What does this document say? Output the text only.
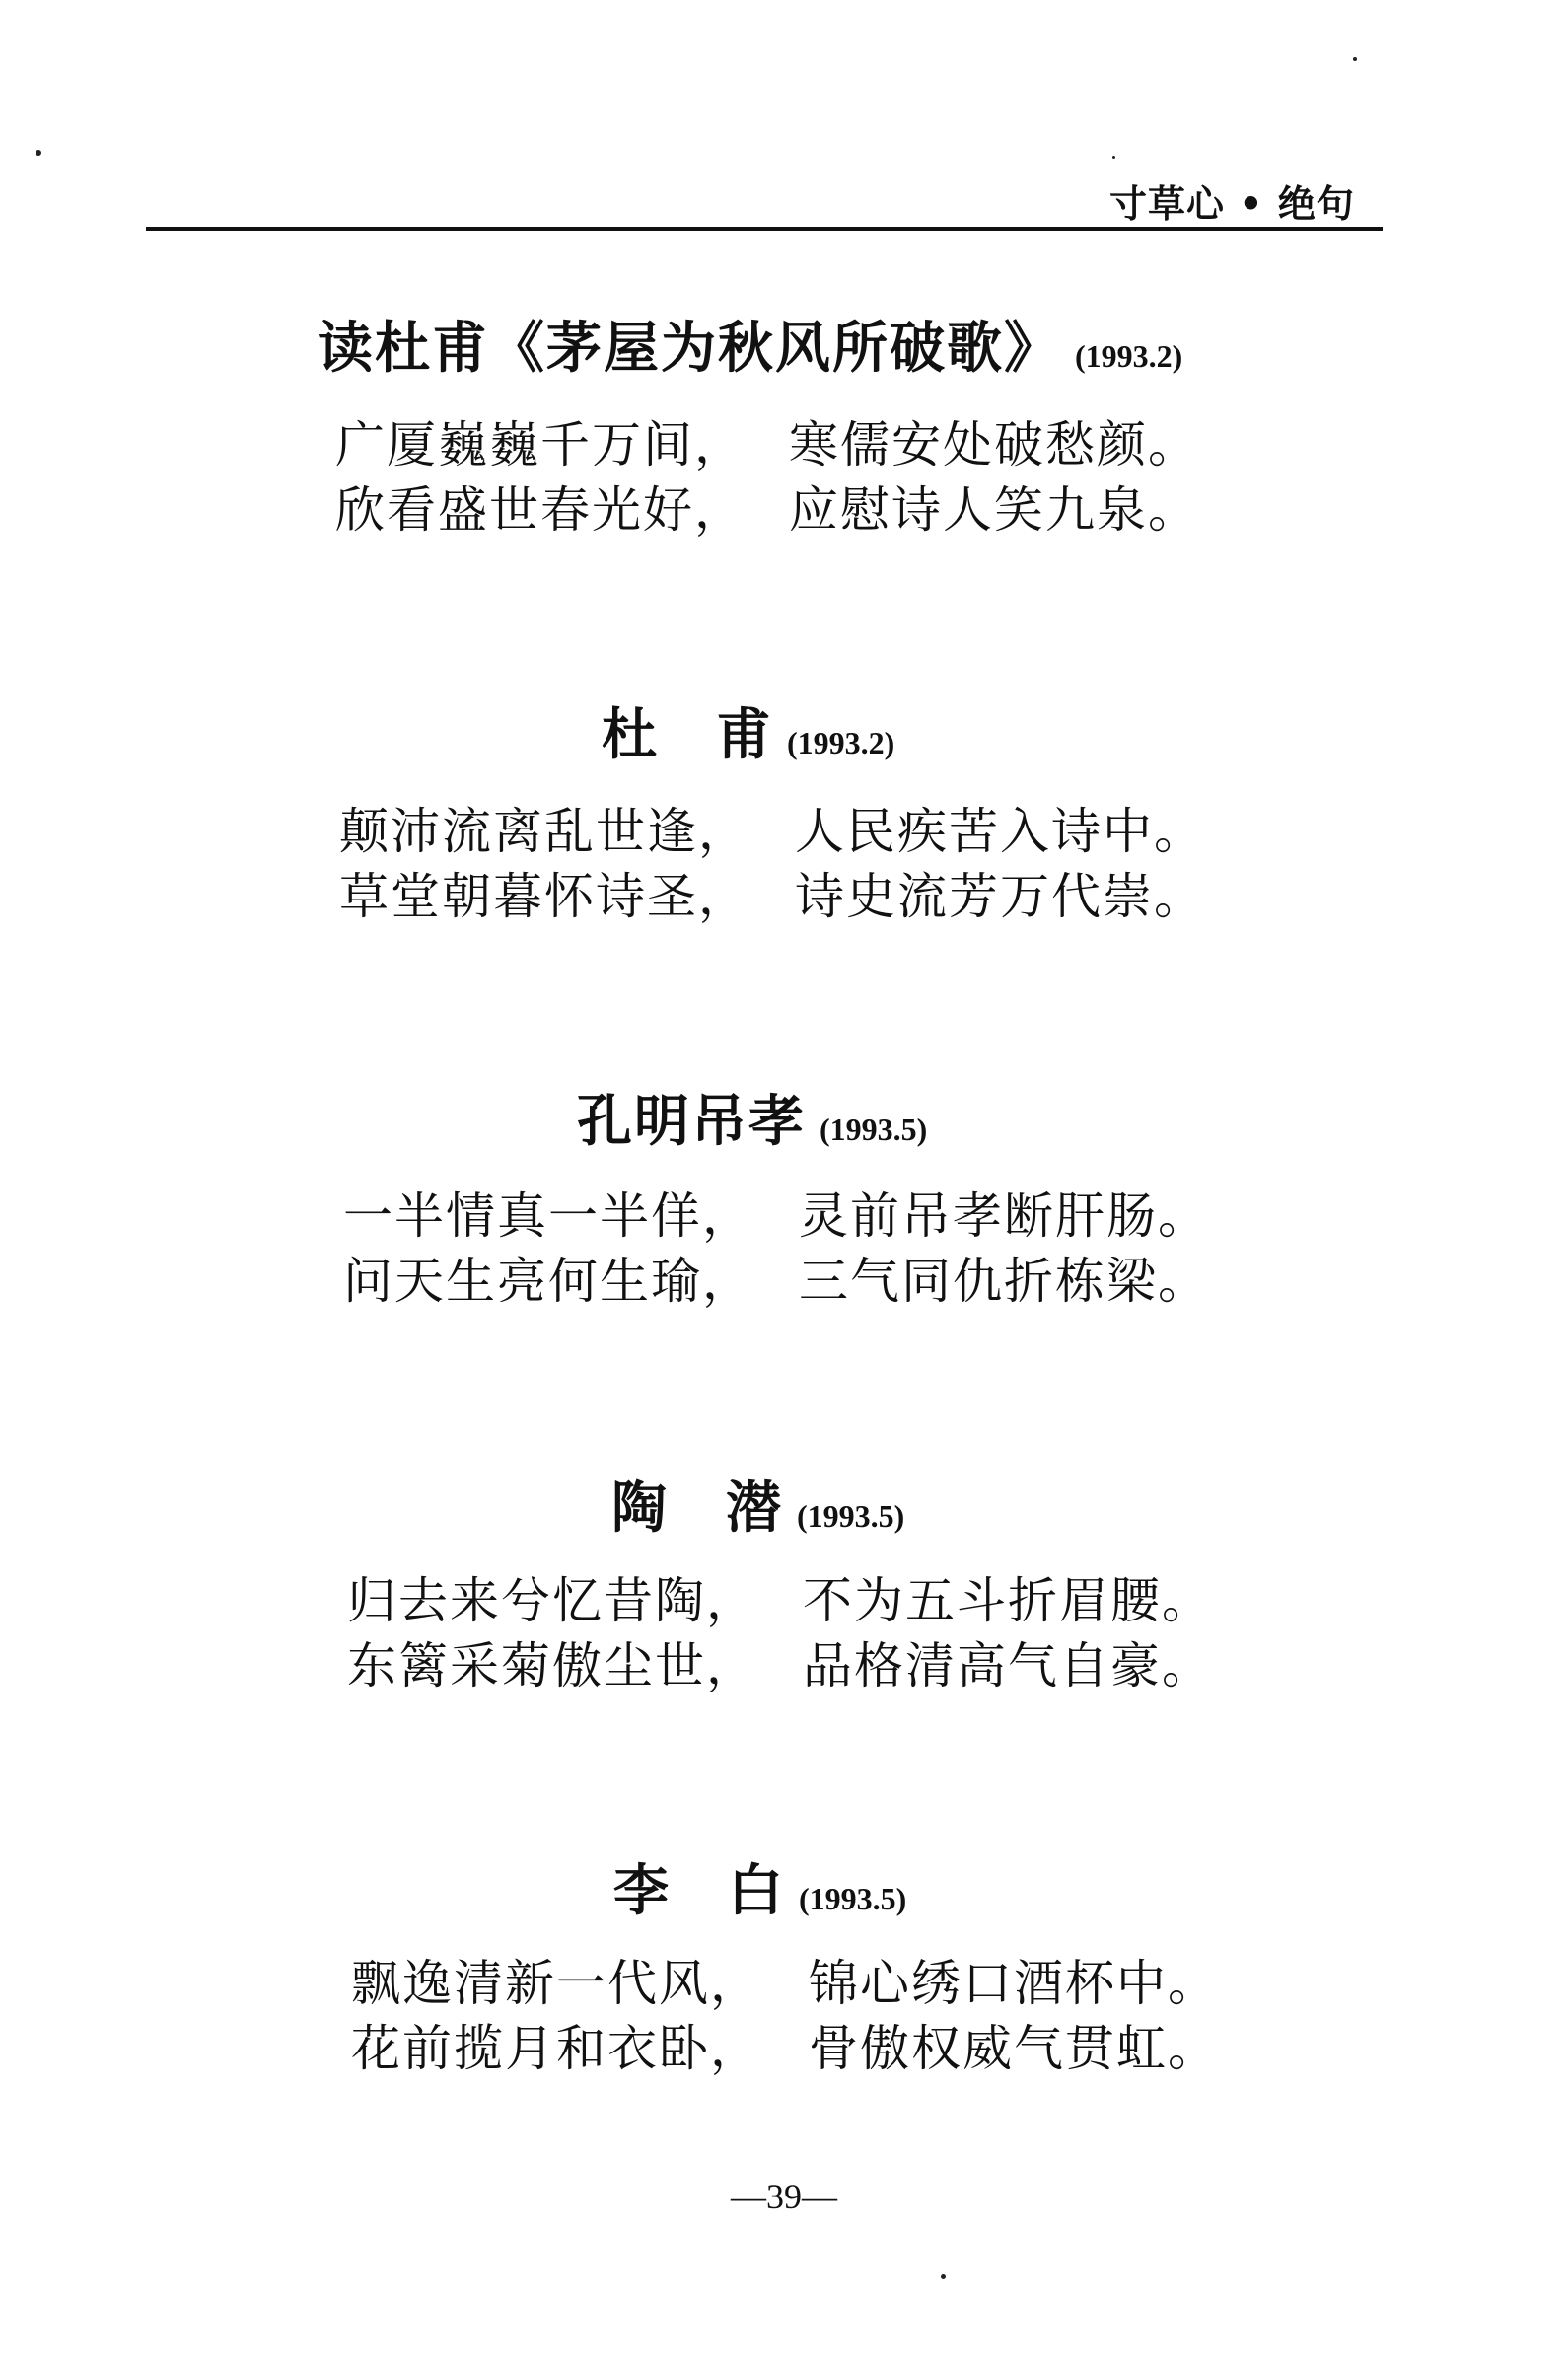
寸草心 • 绝句
读杜甫《茅屋为秋风所破歌》 (1993.2)
广厦巍巍千万间， 寒儒安处破愁颜。
欣看盛世春光好， 应慰诗人笑九泉。
杜　甫 (1993.2)
颠沛流离乱世逢， 人民疾苦入诗中。
草堂朝暮怀诗圣， 诗史流芳万代崇。
孔明吊孝 (1993.5)
一半情真一半佯， 灵前吊孝断肝肠。
问天生亮何生瑜， 三气同仇折栋梁。
陶　潜 (1993.5)
归去来兮忆昔陶， 不为五斗折眉腰。
东篱采菊傲尘世， 品格清高气自豪。
李　白 (1993.5)
飘逸清新一代风， 锦心绣口酒杯中。
花前揽月和衣卧， 骨傲权威气贯虹。
—39—
